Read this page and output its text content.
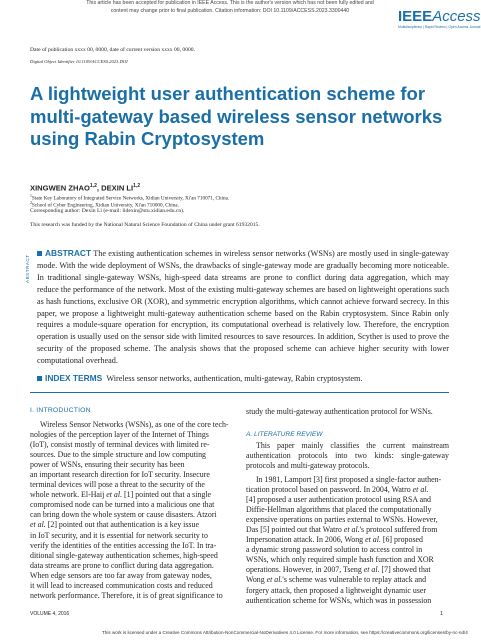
This article has been accepted for publication in IEEE Access. This is the author's version which has not been fully edited and
content may change prior to final publication. Citation information: DOI 10.1109/ACCESS.2023.3300440	IEEEAccess
Multidisciplinary | Rapid Review | Open Access Journal
Date of publication xxxx 00, 0000, date of current version xxxx 00, 0000.
Digital Object Identifier 10.1109/ACCESS.2023.DOI
A lightweight user authentication scheme for multi-gateway based wireless sensor networks using Rabin Cryptosystem
XINGWEN ZHAO$^{1,2}$, DEXIN LI$^{1,2}$
$^1$State Key Laboratory of Integrated Service Networks, Xidian University, Xi'an 710071, China.
$^2$School of Cyber Engineering, Xidian University, Xi'an 710000, China.
Corresponding author: Dexin Li (e-mail: lidexin@stu.xidian.edu.cn).
This research was funded by the National Natural Science Foundation of China under grant 61932015.
ABSTRACT
ABSTRACT The existing authentication schemes in wireless sensor networks (WSNs) are mostly used in single-gateway mode. With the wide deployment of WSNs, the drawbacks of single-gateway mode are gradually becoming more noticeable. In traditional single-gateway WSNs, high-speed data streams are prone to conflict during data aggregation, which may reduce the performance of the network. Most of the existing multi-gateway schemes are based on lightweight operations such as hash functions, exclusive OR (XOR), and symmetric encryption algorithms, which cannot achieve forward secrecy. In this paper, we propose a lightweight multi-gateway authentication scheme based on the Rabin cryptosystem. Since Rabin only requires a module-square operation for encryption, its computational overhead is relatively low. Therefore, the encryption operation is usually used on the sensor side with limited resources to save resources. In addition, Scyther is used to prove the security of the proposed scheme. The analysis shows that the proposed scheme can achieve higher security with lower computational overhead.
INDEX TERMS Wireless sensor networks, authentication, multi-gateway, Rabin cryptosystem.
I. INTRODUCTION
Wireless Sensor Networks (WSNs), as one of the core tech-
nologies of the perception layer of the Internet of Things
(IoT), consist mostly of terminal devices with limited re-
sources. Due to the simple structure and low computing
power of WSNs, ensuring their security has been
an important research direction for IoT security. Insecure
terminal devices will pose a threat to the security of the
whole network. El-Haij et al. [1] pointed out that a single
compromised node can be turned into a malicious one that
can bring down the whole system or cause disasters. Atzori
et al. [2] pointed out that authentication is a key issue
in IoT security, and it is essential for network security to
verify the identities of the entities accessing the IoT. In tra-
ditional single-gateway authentication schemes, high-speed
data streams are prone to conflict during data aggregation.
When edge sensors are too far away from gateway nodes,
it will lead to increased communication costs and reduced
network performance. Therefore, it is of great significance to
study the multi-gateway authentication protocol for WSNs.
A. LITERATURE REVIEW

This paper mainly classifies the current mainstream authentication protocols into two kinds: single-gateway protocols and multi-gateway protocols.

In 1981, Lamport [3] first proposed a single-factor authen-
tication protocol based on password. In 2004, Watro et al.
[4] proposed a user authentication protocol using RSA and
Diffie-Hellman algorithms that placed the computationally
expensive operations on parties external to WSNs. However,
Das [5] pointed out that Watro et al.'s protocol suffered from
Impersonation attack. In 2006, Wong et al. [6] proposed
a dynamic strong password solution to access control in
WSNs, which only required simple hash function and XOR
operations. However, in 2007, Tseng et al. [7] showed that
Wong et al.'s scheme was vulnerable to replay attack and
forgery attack, then proposed a lightweight dynamic user
authentication scheme for WSNs, which was in possession
VOLUME 4, 2016	1
This work is licensed under a Creative Commons Attribution-NonCommercial-NoDerivatives 4.0 License. For more information, see https://creativecommons.org/licenses/by-nc-nd/4
